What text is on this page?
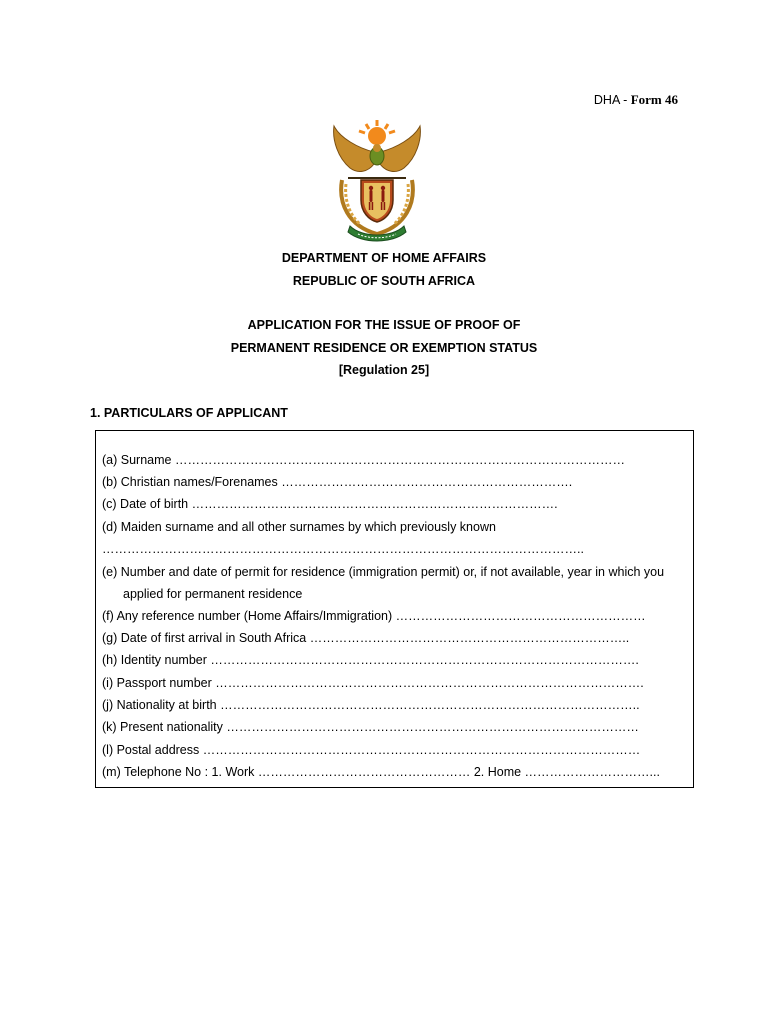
DHA - Form 46
DEPARTMENT OF HOME AFFAIRS
REPUBLIC OF SOUTH AFRICA
APPLICATION FOR THE ISSUE OF PROOF OF
PERMANENT RESIDENCE OR EXEMPTION STATUS
[Regulation 25]
1. PARTICULARS OF APPLICANT
(a) Surname ………………………………………………………………………………………………
(b) Christian names/Forenames …………………………………………………………….
(c) Date of birth …………………………………………………………………………….
(d) Maiden surname and all other surnames by which previously known
……………………………………………………………………………………………………..
(e) Number and date of permit for residence (immigration permit) or, if not available, year in which you
applied for permanent residence
(f) Any reference number (Home Affairs/Immigration) ……………………………………………………
(g) Date of first arrival in South Africa …………………………………………………………………..
(h) Identity number ………………………………………………………………………………………….
(i) Passport number ………………………………………………………………………………………….
(j) Nationality at birth ………………………………………………………………………………………..
(k) Present nationality ………………………………………………………………………………………
(l) Postal address ……………………………………………………………………………………………
(m) Telephone No : 1. Work …………………………………………… 2. Home …………………………...
